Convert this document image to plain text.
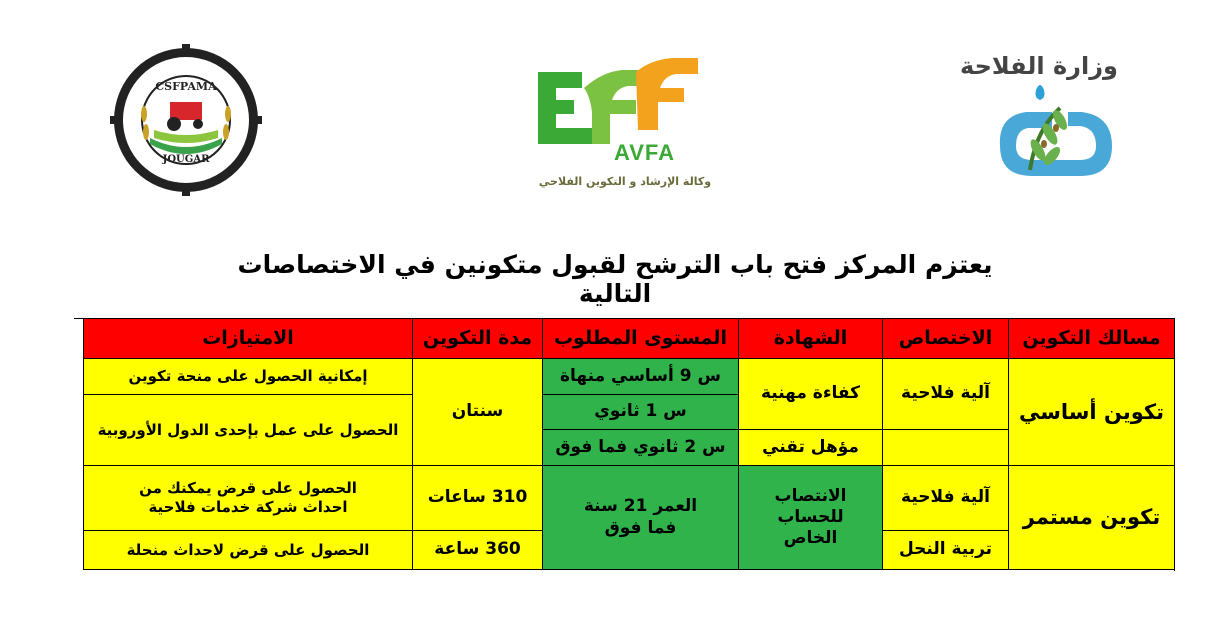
CSFPAMA
JOUGAR	AVFA
وكالة الإرشاد و التكوين الفلاحي
وزارة الفلاحة
يعتزم المركز فتح باب الترشح لقبول متكونين في الاختصاصات التالية
مسالك التكوين
الاختصاص
الشهادة
المستوى المطلوب
مدة التكوين
الامتيازات
تكوين أساسي
آلية فلاحية
كفاءة مهنية
مؤهل تقني
س 9 أساسي منهاة
س 1 ثانوي
س 2 ثانوي فما فوق
سنتان
إمكانية الحصول على منحة تكوين
الحصول على عمل بإحدى الدول الأوروبية
تكوين مستمر
آلية فلاحية
تربية النحل
الانتصاب للحساب الخاص
العمر 21 سنة فما فوق
310 ساعات
360 ساعة
الحصول على قرض يمكنك من احداث شركة خدمات فلاحية
الحصول على قرض لاحداث منحلة
